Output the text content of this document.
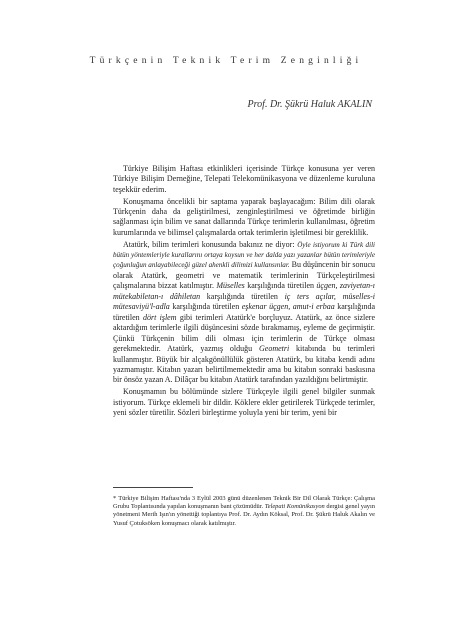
Türkçenin Teknik Terim Zenginliği
Prof. Dr. Şükrü Haluk AKALIN

Türkiye Bilişim Haftası etkinlikleri içerisinde Türkçe konusuna yer veren Türkiye Bilişim Derneğine, Telepati Telekomünikasyona ve düzenleme kuruluna teşekkür ederim.

Konuşmama öncelikli bir saptama yaparak başlayacağım: Bilim dili olarak Türkçenin daha da geliştirilmesi, zenginleştirilmesi ve öğretimde birliğin sağlanması için bilim ve sanat dallarında Türkçe terimlerin kullanılması, öğretim kurumlarında ve bilimsel çalışmalarda ortak terimlerin işletilmesi bir gereklilik.

Atatürk, bilim terimleri konusunda bakınız ne diyor: Öyle istiyorum ki Türk dili bütün yöntemleriyle kurallarını ortaya koysun ve her dalda yazı yazanlar bütün terimleriyle çoğunluğun anlayabileceği güzel ahenkli dilimizi kullansınlar. Bu düşüncenin bir sonucu olarak Atatürk, geometri ve matematik terimlerinin Türkçeleştirilmesi çalışmalarına bizzat katılmıştır. Müselles karşılığında türetilen üçgen, zaviyetan-ı mütekabiletan-ı dâhiletan karşılığında türetilen iç ters açılar, müselles-i mütesaviyü'l-adla karşılığında türetilen eşkenar üçgen, amut-i erbaa karşılığında türetilen dört işlem gibi terimleri Atatürk'e borçluyuz. Atatürk, az önce sizlere aktardığım terimlerle ilgili düşüncesini sözde bırakmamış, eyleme de geçirmiştir. Çünkü Türkçenin bilim dili olması için terimlerin de Türkçe olması gerekmektedir. Atatürk, yazmış olduğu Geometri kitabında bu terimleri kullanmıştır. Büyük bir alçakgönüllülük gösteren Atatürk, bu kitaba kendi adını yazmamıştır. Kitabın yazarı belirtilmemektedir ama bu kitabın sonraki baskısına bir önsöz yazan A. Dilâçar bu kitabın Atatürk tarafından yazıldığını belirtmiştir.

Konuşmamın bu bölümünde sizlere Türkçeyle ilgili genel bilgiler sunmak istiyorum. Türkçe eklemeli bir dildir. Köklere ekler getirilerek Türkçede terimler, yeni sözler türetilir. Sözleri birleştirme yoluyla yeni bir terim, yeni bir

* Türkiye Bilişim Haftası'nda 3 Eylül 2003 günü düzenlenen Teknik Bir Dil Olarak Türkçe: Çalışma Grubu Toplantısında yapılan konuşmanın bant çözümüdür. Telepati Komünikasyon dergisi genel yayın yönetmeni Merih Işın'ın yönettiği toplantıya Prof. Dr. Aydın Köksal, Prof. Dr. Şükrü Haluk Akalın ve Yusuf Çotuksöken konuşmacı olarak katılmıştır.
